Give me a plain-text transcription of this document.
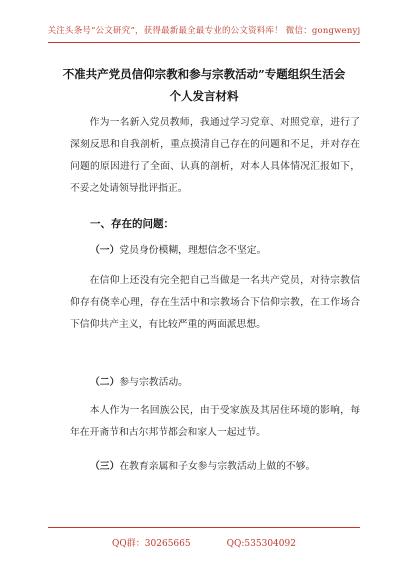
关注头条号“公文研究”，获得最新最全最专业的公文资料库！ 微信：gongwenyj
不准共产党员信仰宗教和参与宗教活动”专题组织生活会
个人发言材料
作为一名新入党员教师，我通过学习党章、对照党章，进行了深刻反思和自我剖析，重点摸清自己存在的问题和不足，并对存在问题的原因进行了全面、认真的剖析，对本人具体情况汇报如下，不妥之处请领导批评指正。
一、存在的问题：
（一）党员身份模糊，理想信念不坚定。
在信仰上还没有完全把自己当做是一名共产党员，对待宗教信仰存有侥幸心理，存在生活中和宗教场合下信仰宗教，在工作场合下信仰共产主义，有比较严重的两面派思想。
（二）参与宗教活动。
本人作为一名回族公民，由于受家族及其居住环境的影响，每年在开斋节和古尔邦节都会和家人一起过节。
（三）在教育亲属和子女参与宗教活动上做的不够。
QQ群：30265665	QQ:535304092
